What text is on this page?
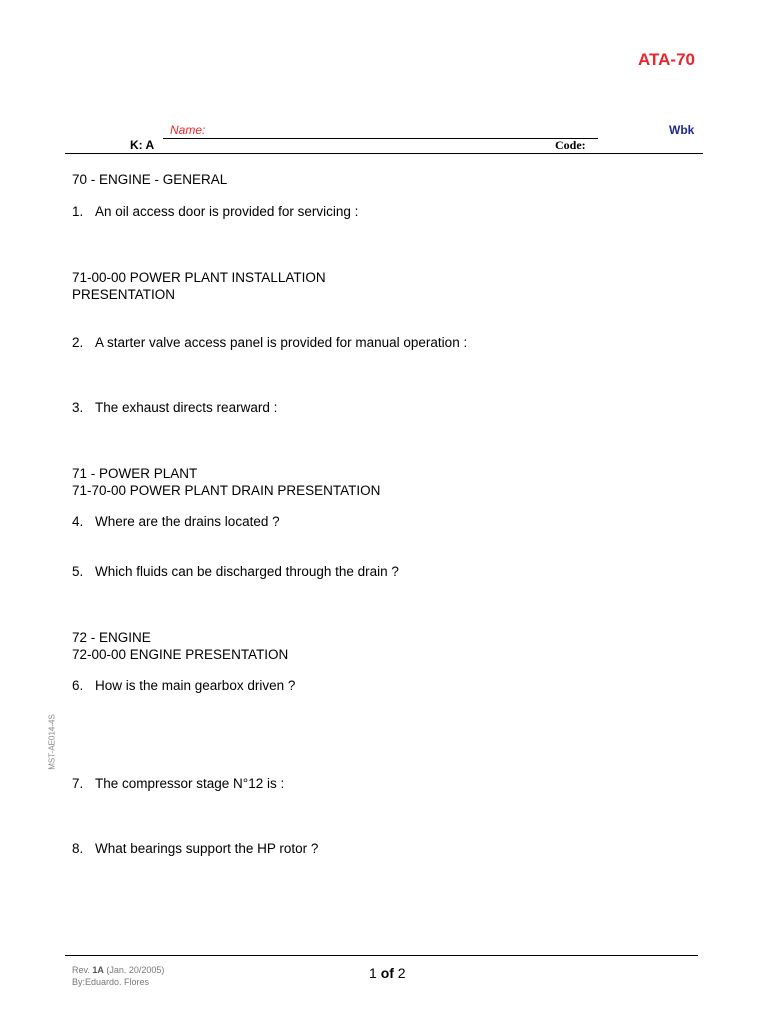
ATA-70
Name:
K: A	Code:
Wbk
70 - ENGINE - GENERAL
1. An oil access door is provided for servicing :
71-00-00 POWER PLANT INSTALLATION
PRESENTATION
2. A starter valve access panel is provided for manual operation :
3. The exhaust directs rearward :
71 - POWER PLANT
71-70-00 POWER PLANT DRAIN PRESENTATION
4. Where are the drains located ?
5. Which fluids can be discharged through the drain ?
72 - ENGINE
72-00-00 ENGINE PRESENTATION
6. How is the main gearbox driven ?
7. The compressor stage N°12 is :
8. What bearings support the HP rotor ?
MST-AE014-4S
Rev. 1A (Jan. 20/2005)
By:Eduardo. Flores
1 of 2
